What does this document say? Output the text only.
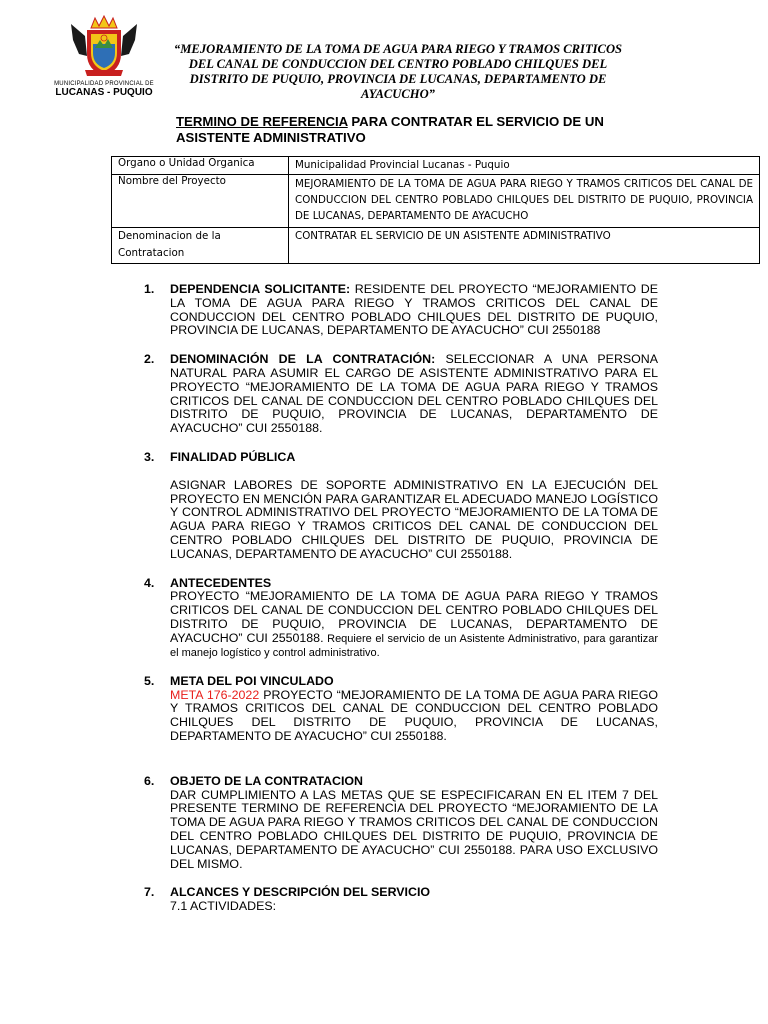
MUNICIPALIDAD PROVINCIAL DE
LUCANAS - PUQUIO
“MEJORAMIENTO DE LA TOMA DE AGUA PARA RIEGO Y TRAMOS CRITICOS DEL CANAL DE CONDUCCION DEL CENTRO POBLADO CHILQUES DEL DISTRITO DE PUQUIO, PROVINCIA DE LUCANAS, DEPARTAMENTO DE AYACUCHO”
TERMINO DE REFERENCIA PARA CONTRATAR EL SERVICIO DE UN
ASISTENTE ADMINISTRATIVO
Organo o Unidad Organica	Municipalidad Provincial Lucanas - Puquio
Nombre del Proyecto	MEJORAMIENTO DE LA TOMA DE AGUA PARA RIEGO Y TRAMOS CRITICOS DEL CANAL DE CONDUCCION DEL CENTRO POBLADO CHILQUES DEL DISTRITO DE PUQUIO, PROVINCIA DE LUCANAS, DEPARTAMENTO DE AYACUCHO
Denominacion de la Contratacion	CONTRATAR EL SERVICIO DE UN ASISTENTE ADMINISTRATIVO
1. DEPENDENCIA SOLICITANTE: RESIDENTE DEL PROYECTO “MEJORAMIENTO DE LA TOMA DE AGUA PARA RIEGO Y TRAMOS CRITICOS DEL CANAL DE CONDUCCION DEL CENTRO POBLADO CHILQUES DEL DISTRITO DE PUQUIO, PROVINCIA DE LUCANAS, DEPARTAMENTO DE AYACUCHO” CUI 2550188
2. DENOMINACIÓN DE LA CONTRATACIÓN: SELECCIONAR A UNA PERSONA NATURAL PARA ASUMIR EL CARGO DE ASISTENTE ADMINISTRATIVO PARA EL PROYECTO “MEJORAMIENTO DE LA TOMA DE AGUA PARA RIEGO Y TRAMOS CRITICOS DEL CANAL DE CONDUCCION DEL CENTRO POBLADO CHILQUES DEL DISTRITO DE PUQUIO, PROVINCIA DE LUCANAS, DEPARTAMENTO DE AYACUCHO” CUI 2550188.
3. FINALIDAD PÚBLICA
ASIGNAR LABORES DE SOPORTE ADMINISTRATIVO EN LA EJECUCIÓN DEL PROYECTO EN MENCIÓN PARA GARANTIZAR EL ADECUADO MANEJO LOGÍSTICO Y CONTROL ADMINISTRATIVO DEL PROYECTO “MEJORAMIENTO DE LA TOMA DE AGUA PARA RIEGO Y TRAMOS CRITICOS DEL CANAL DE CONDUCCION DEL CENTRO POBLADO CHILQUES DEL DISTRITO DE PUQUIO, PROVINCIA DE LUCANAS, DEPARTAMENTO DE AYACUCHO” CUI 2550188.
4. ANTECEDENTES
PROYECTO “MEJORAMIENTO DE LA TOMA DE AGUA PARA RIEGO Y TRAMOS CRITICOS DEL CANAL DE CONDUCCION DEL CENTRO POBLADO CHILQUES DEL DISTRITO DE PUQUIO, PROVINCIA DE LUCANAS, DEPARTAMENTO DE AYACUCHO” CUI 2550188. Requiere el servicio de un Asistente Administrativo, para garantizar el manejo logístico y control administrativo.
5. META DEL POI VINCULADO
META 176-2022 PROYECTO “MEJORAMIENTO DE LA TOMA DE AGUA PARA RIEGO Y TRAMOS CRITICOS DEL CANAL DE CONDUCCION DEL CENTRO POBLADO CHILQUES DEL DISTRITO DE PUQUIO, PROVINCIA DE LUCANAS, DEPARTAMENTO DE AYACUCHO” CUI 2550188.
6. OBJETO DE LA CONTRATACION
DAR CUMPLIMIENTO A LAS METAS QUE SE ESPECIFICARAN EN EL ITEM 7 DEL PRESENTE TERMINO DE REFERENCIA DEL PROYECTO “MEJORAMIENTO DE LA TOMA DE AGUA PARA RIEGO Y TRAMOS CRITICOS DEL CANAL DE CONDUCCION DEL CENTRO POBLADO CHILQUES DEL DISTRITO DE PUQUIO, PROVINCIA DE LUCANAS, DEPARTAMENTO DE AYACUCHO” CUI 2550188. PARA USO EXCLUSIVO DEL MISMO.
7. ALCANCES Y DESCRIPCIÓN DEL SERVICIO
7.1 ACTIVIDADES:
